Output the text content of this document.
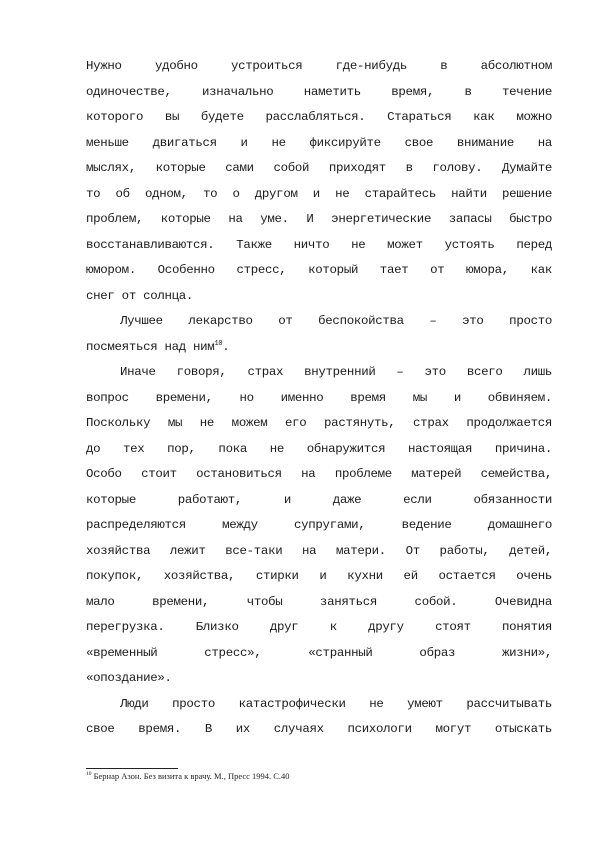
Нужно удобно устроиться где-нибудь в абсолютном
одиночестве, изначально наметить время, в течение
которого вы будете расслабляться. Стараться как можно
меньше двигаться и не фиксируйте свое внимание на
мыслях, которые сами собой приходят в голову. Думайте
то об одном, то о другом и не старайтесь найти решение
проблем, которые на уме. И энергетические запасы быстро
восстанавливаются. Также ничто не может устоять перед
юмором. Особенно стресс, который тает от юмора, как
снег от солнца.
Лучшее лекарство от беспокойства – это просто
посмеяться над ним$^{10}$.
Иначе говоря, страх внутренний – это всего лишь
вопрос времени, но именно время мы и обвиняем.
Поскольку мы не можем его растянуть, страх продолжается
до тех пор, пока не обнаружится настоящая причина.
Особо стоит остановиться на проблеме матерей семейства,
которые работают, и даже если обязанности
распределяются между супругами, ведение домашнего
хозяйства лежит все-таки на матери. От работы, детей,
покупок, хозяйства, стирки и кухни ей остается очень
мало времени, чтобы заняться собой. Очевидна
перегрузка. Близко друг к другу стоят понятия
«временный стресс», «странный образ жизни»,
«опоздание».
Люди просто катастрофически не умеют рассчитывать
свое время. В их случаях психологи могут отыскать
$^{10}$ Бернар Азон. Без визита к врачу. М., Пресс 1994. С.40
